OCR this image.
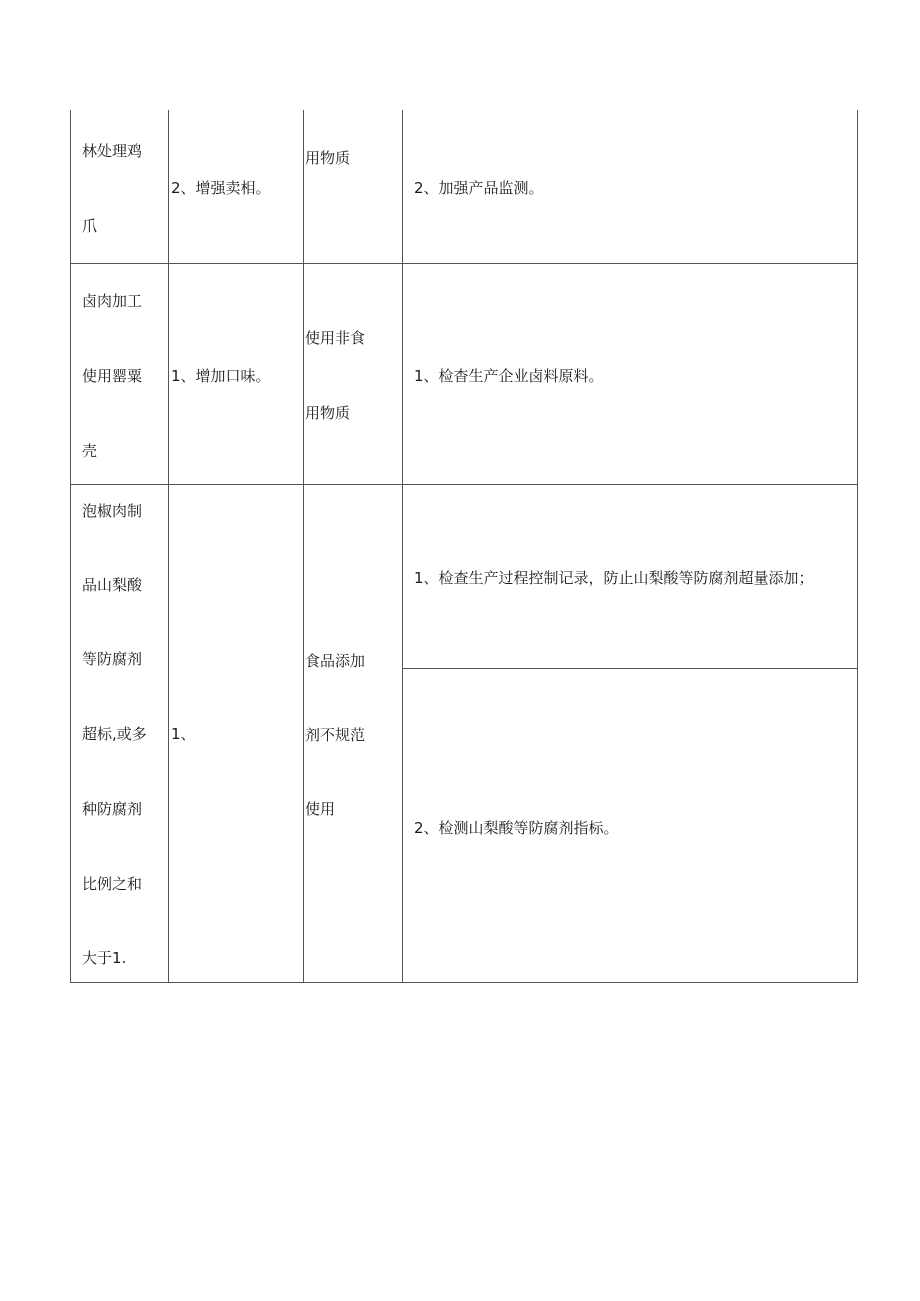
林处理鸡

爪

2、增强卖相。

用物质

2、加强产品监测。

卤肉加工

使用罂粟

壳

1、增加口味。

使用非食

用物质

1、检杳生产企业卤料原料。

泡椒肉制

品山梨酸

等防腐剂

超标,或多

种防腐剂

比例之和

大于1.

1、

食品添加

剂不规范

使用

1、检查生产过程控制记录，防止山梨酸等防腐剂超量添加；

2、检测山梨酸等防腐剂指标。
